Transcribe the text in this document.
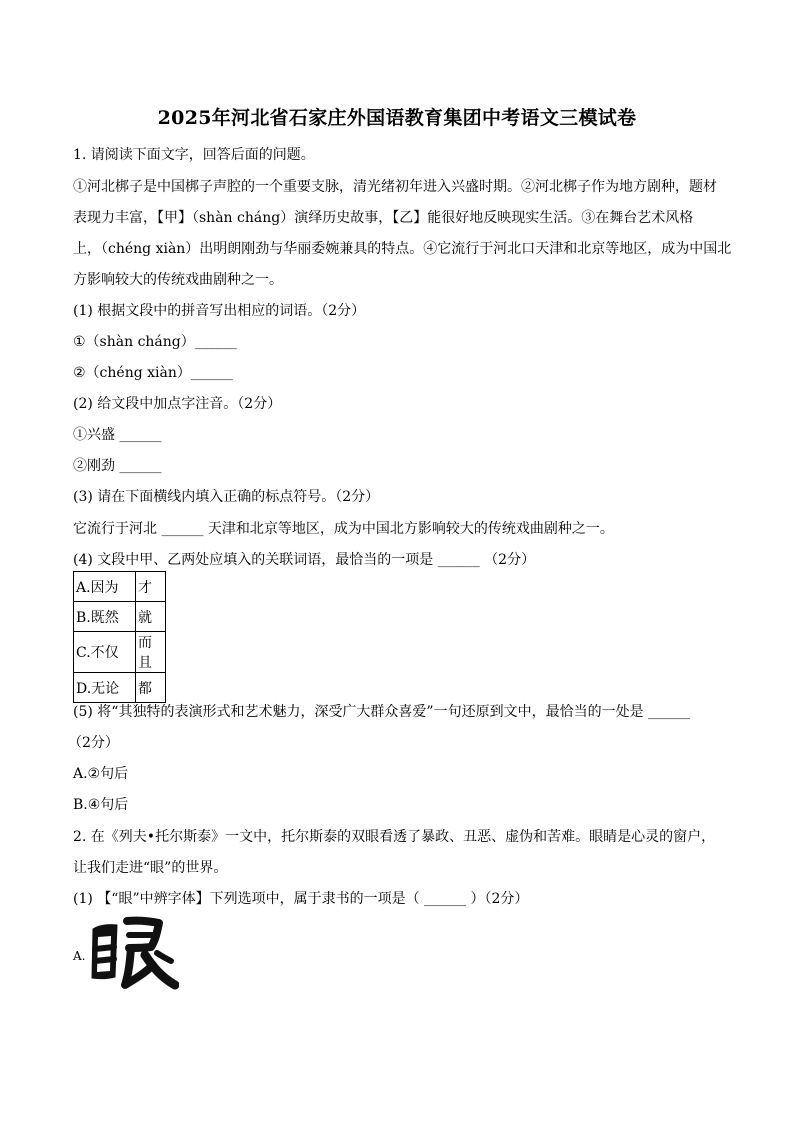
2025年河北省石家庄外国语教育集团中考语文三模试卷
1. 请阅读下面文字，回答后面的问题。
①河北梆子是中国梆子声腔的一个重要支脉，清光绪初年进入兴盛时期。②河北梆子作为地方剧种，题材
表现力丰富，【甲】（shàn cháng）演绎历史故事，【乙】能很好地反映现实生活。③在舞台艺术风格
上，（chéng xiàn）出明朗刚劲与华丽委婉兼具的特点。④它流行于河北口天津和北京等地区，成为中国北
方影响较大的传统戏曲剧种之一。
(1) 根据文段中的拼音写出相应的词语。（2分）
①（shàn cháng）______
②（chéng xiàn）______
(2) 给文段中加点字注音。（2分）
①兴盛 ______
②刚劲 ______
(3) 请在下面横线内填入正确的标点符号。（2分）
它流行于河北 ______ 天津和北京等地区，成为中国北方影响较大的传统戏曲剧种之一。
(4) 文段中甲、乙两处应填入的关联词语，最恰当的一项是 ______ （2分）
A.因为	才
B.既然	就
C.不仅	而且
D.无论	都
(5) 将“其独特的表演形式和艺术魅力，深受广大群众喜爱”一句还原到文中，最恰当的一处是 ______
（2分）
A.②句后
B.④句后
2. 在《列夫•托尔斯泰》一文中，托尔斯泰的双眼看透了暴政、丑恶、虚伪和苦难。眼睛是心灵的窗户，
让我们走进“眼”的世界。
(1) 【“眼”中辨字体】下列选项中，属于隶书的一项是（ ______ ）（2分）
A.
